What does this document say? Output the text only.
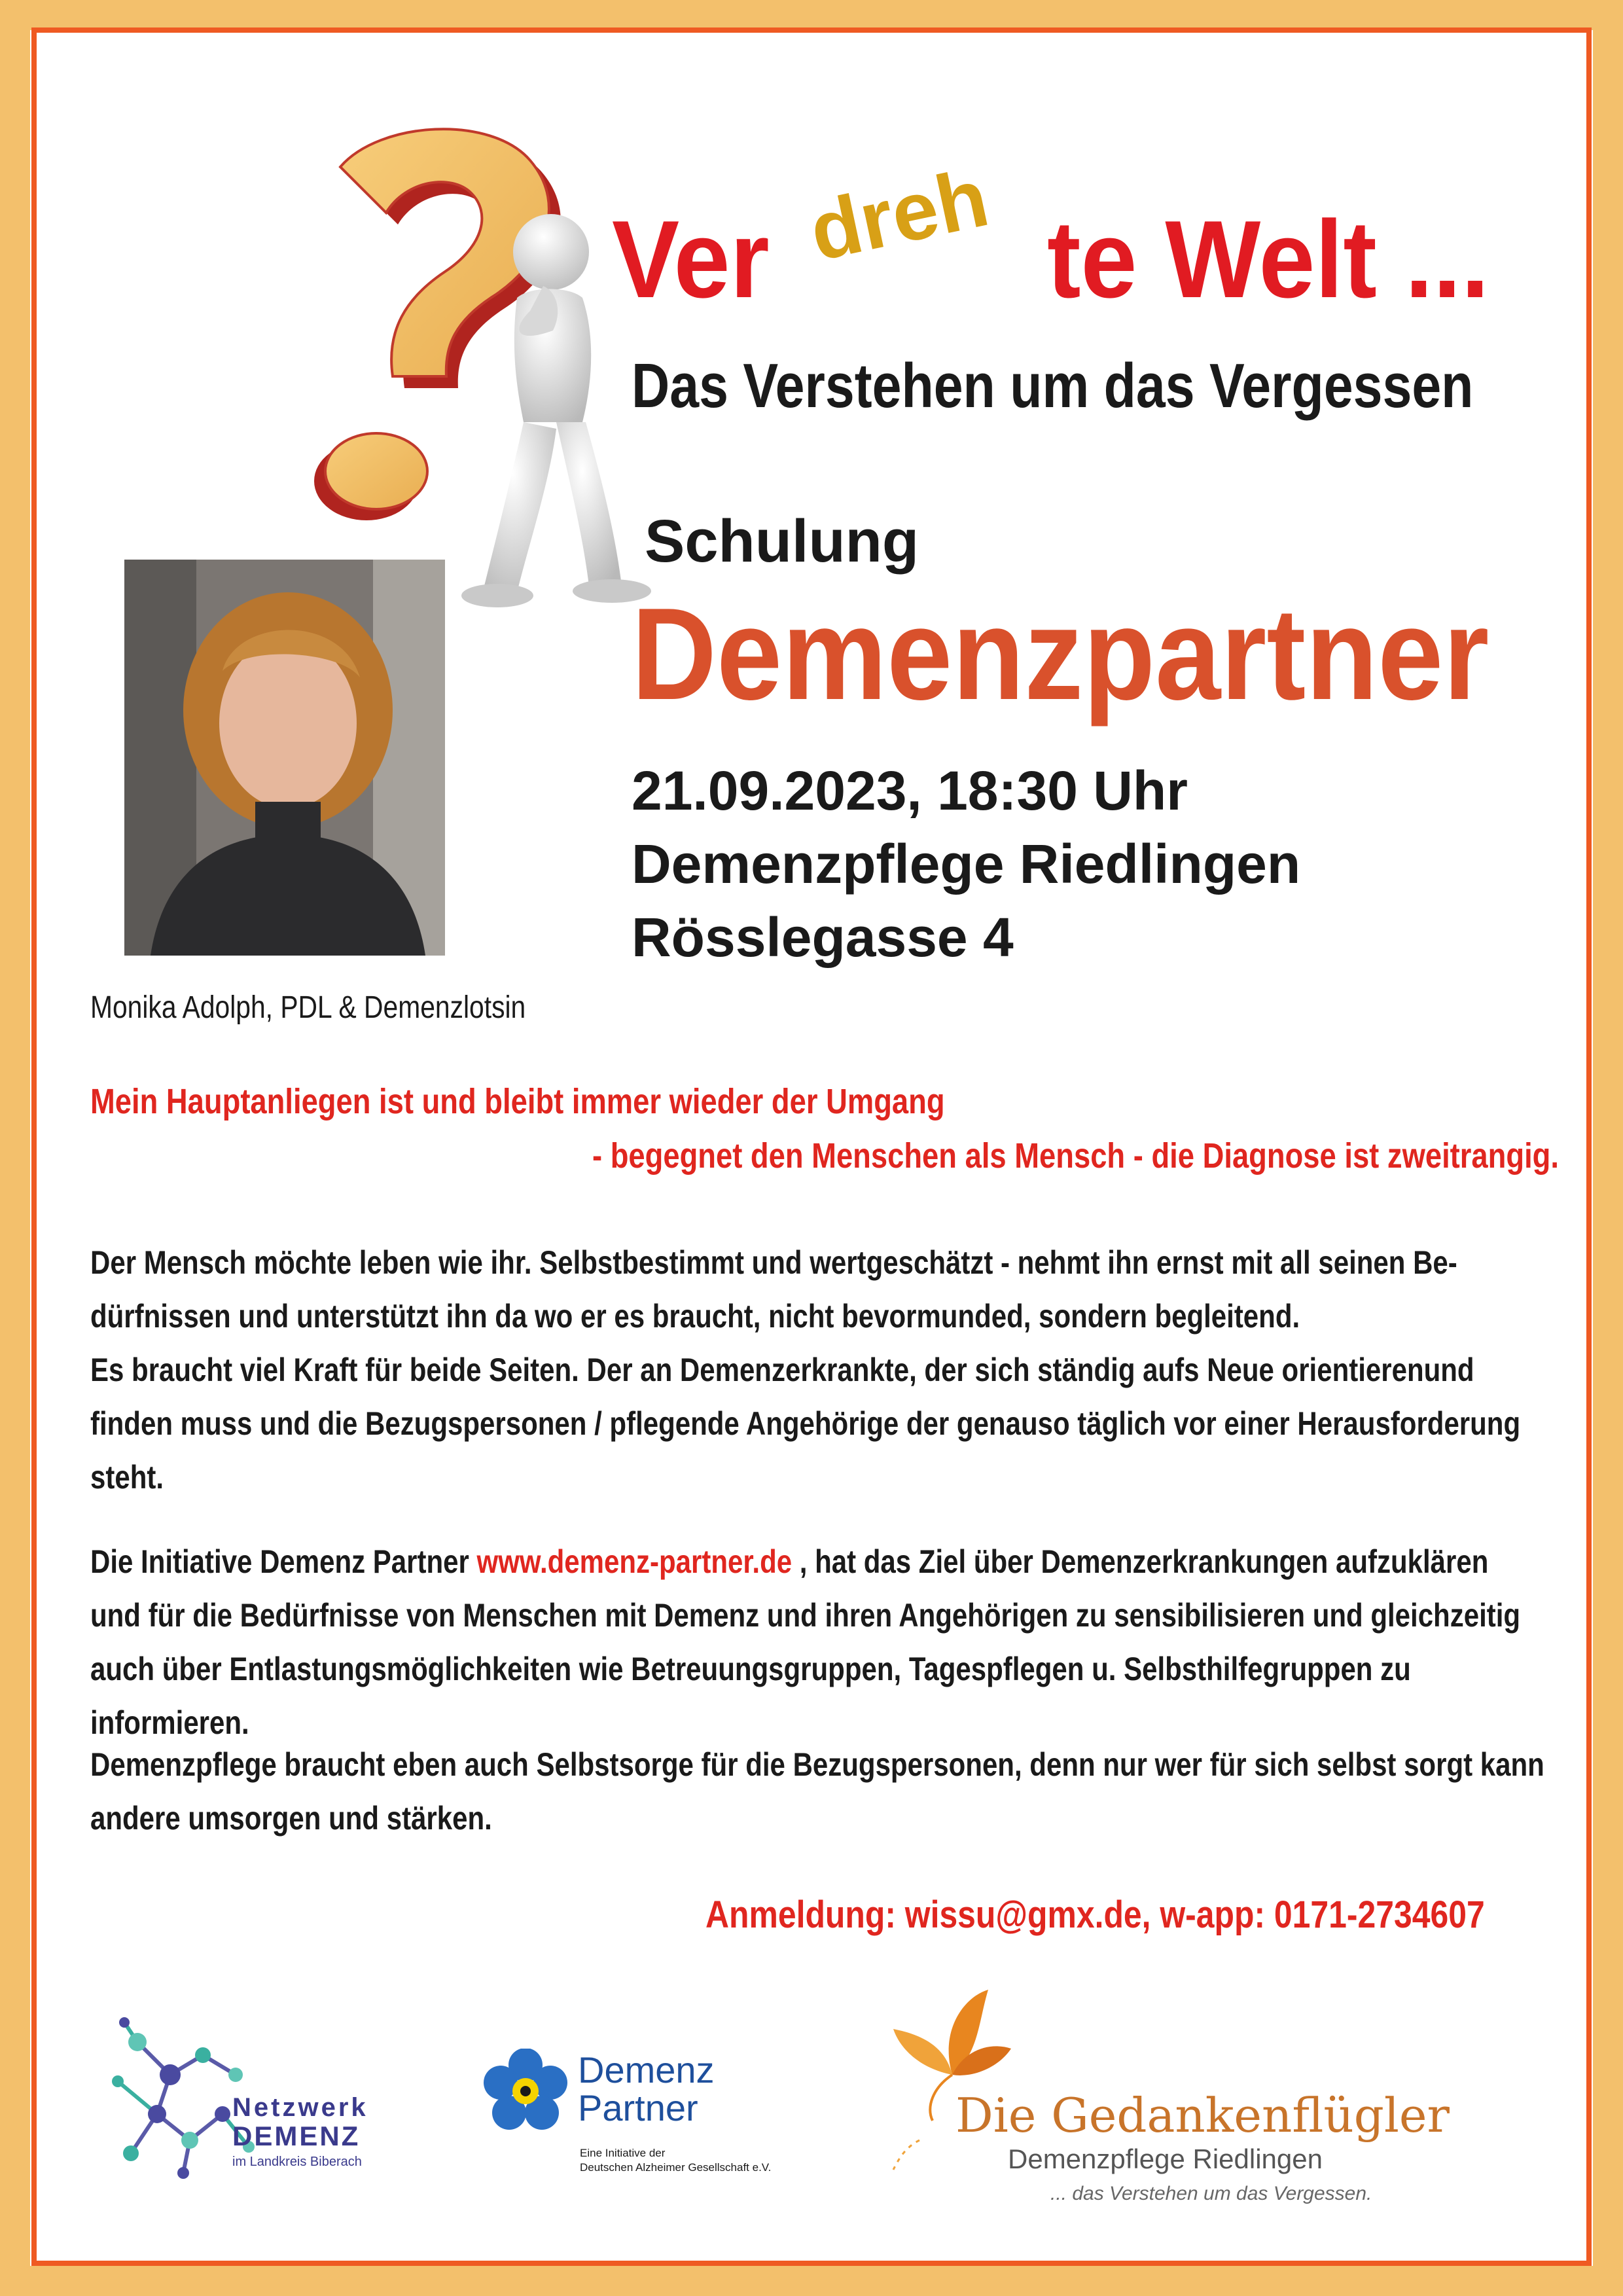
Ver dreh te Welt ...
Das Verstehen um das Vergessen
Schulung
Demenzpartner
21.09.2023, 18:30 Uhr
Demenzpflege Riedlingen
Rösslegasse 4
Monika Adolph, PDL & Demenzlotsin
Mein Hauptanliegen ist und bleibt immer wieder der Umgang
- begegnet den Menschen als Mensch - die Diagnose ist zweitrangig.

Der Mensch möchte leben wie ihr. Selbstbestimmt und wertgeschätzt - nehmt ihn ernst mit all seinen Be-

dürfnissen und unterstützt ihn da wo er es braucht, nicht bevormunded, sondern begleitend.

Es braucht viel Kraft für beide Seiten. Der an Demenzerkrankte, der sich ständig aufs Neue orientierenund

finden muss und die Bezugspersonen / pflegende Angehörige der genauso täglich vor einer Herausforderung

steht.

Die Initiative Demenz Partner www.demenz-partner.de , hat das Ziel über Demenzerkrankungen aufzuklären

und für die Bedürfnisse von Menschen mit Demenz und ihren Angehörigen zu sensibilisieren und gleichzeitig

auch über Entlastungsmöglichkeiten wie Betreuungsgruppen, Tagespflegen u. Selbsthilfegruppen zu informieren.

Demenzpflege braucht eben auch Selbstsorge für die Bezugspersonen, denn nur wer für sich selbst sorgt kann

andere umsorgen und stärken.

Anmeldung: wissu@gmx.de, w-app: 0171-2734607
Netzwerk
DEMENZ
im Landkreis Biberach
Demenz
Partner
Eine Initiative der
Deutschen Alzheimer Gesellschaft e.V.
Die Gedankenflügler
Demenzpflege Riedlingen
... das Verstehen um das Vergessen.
